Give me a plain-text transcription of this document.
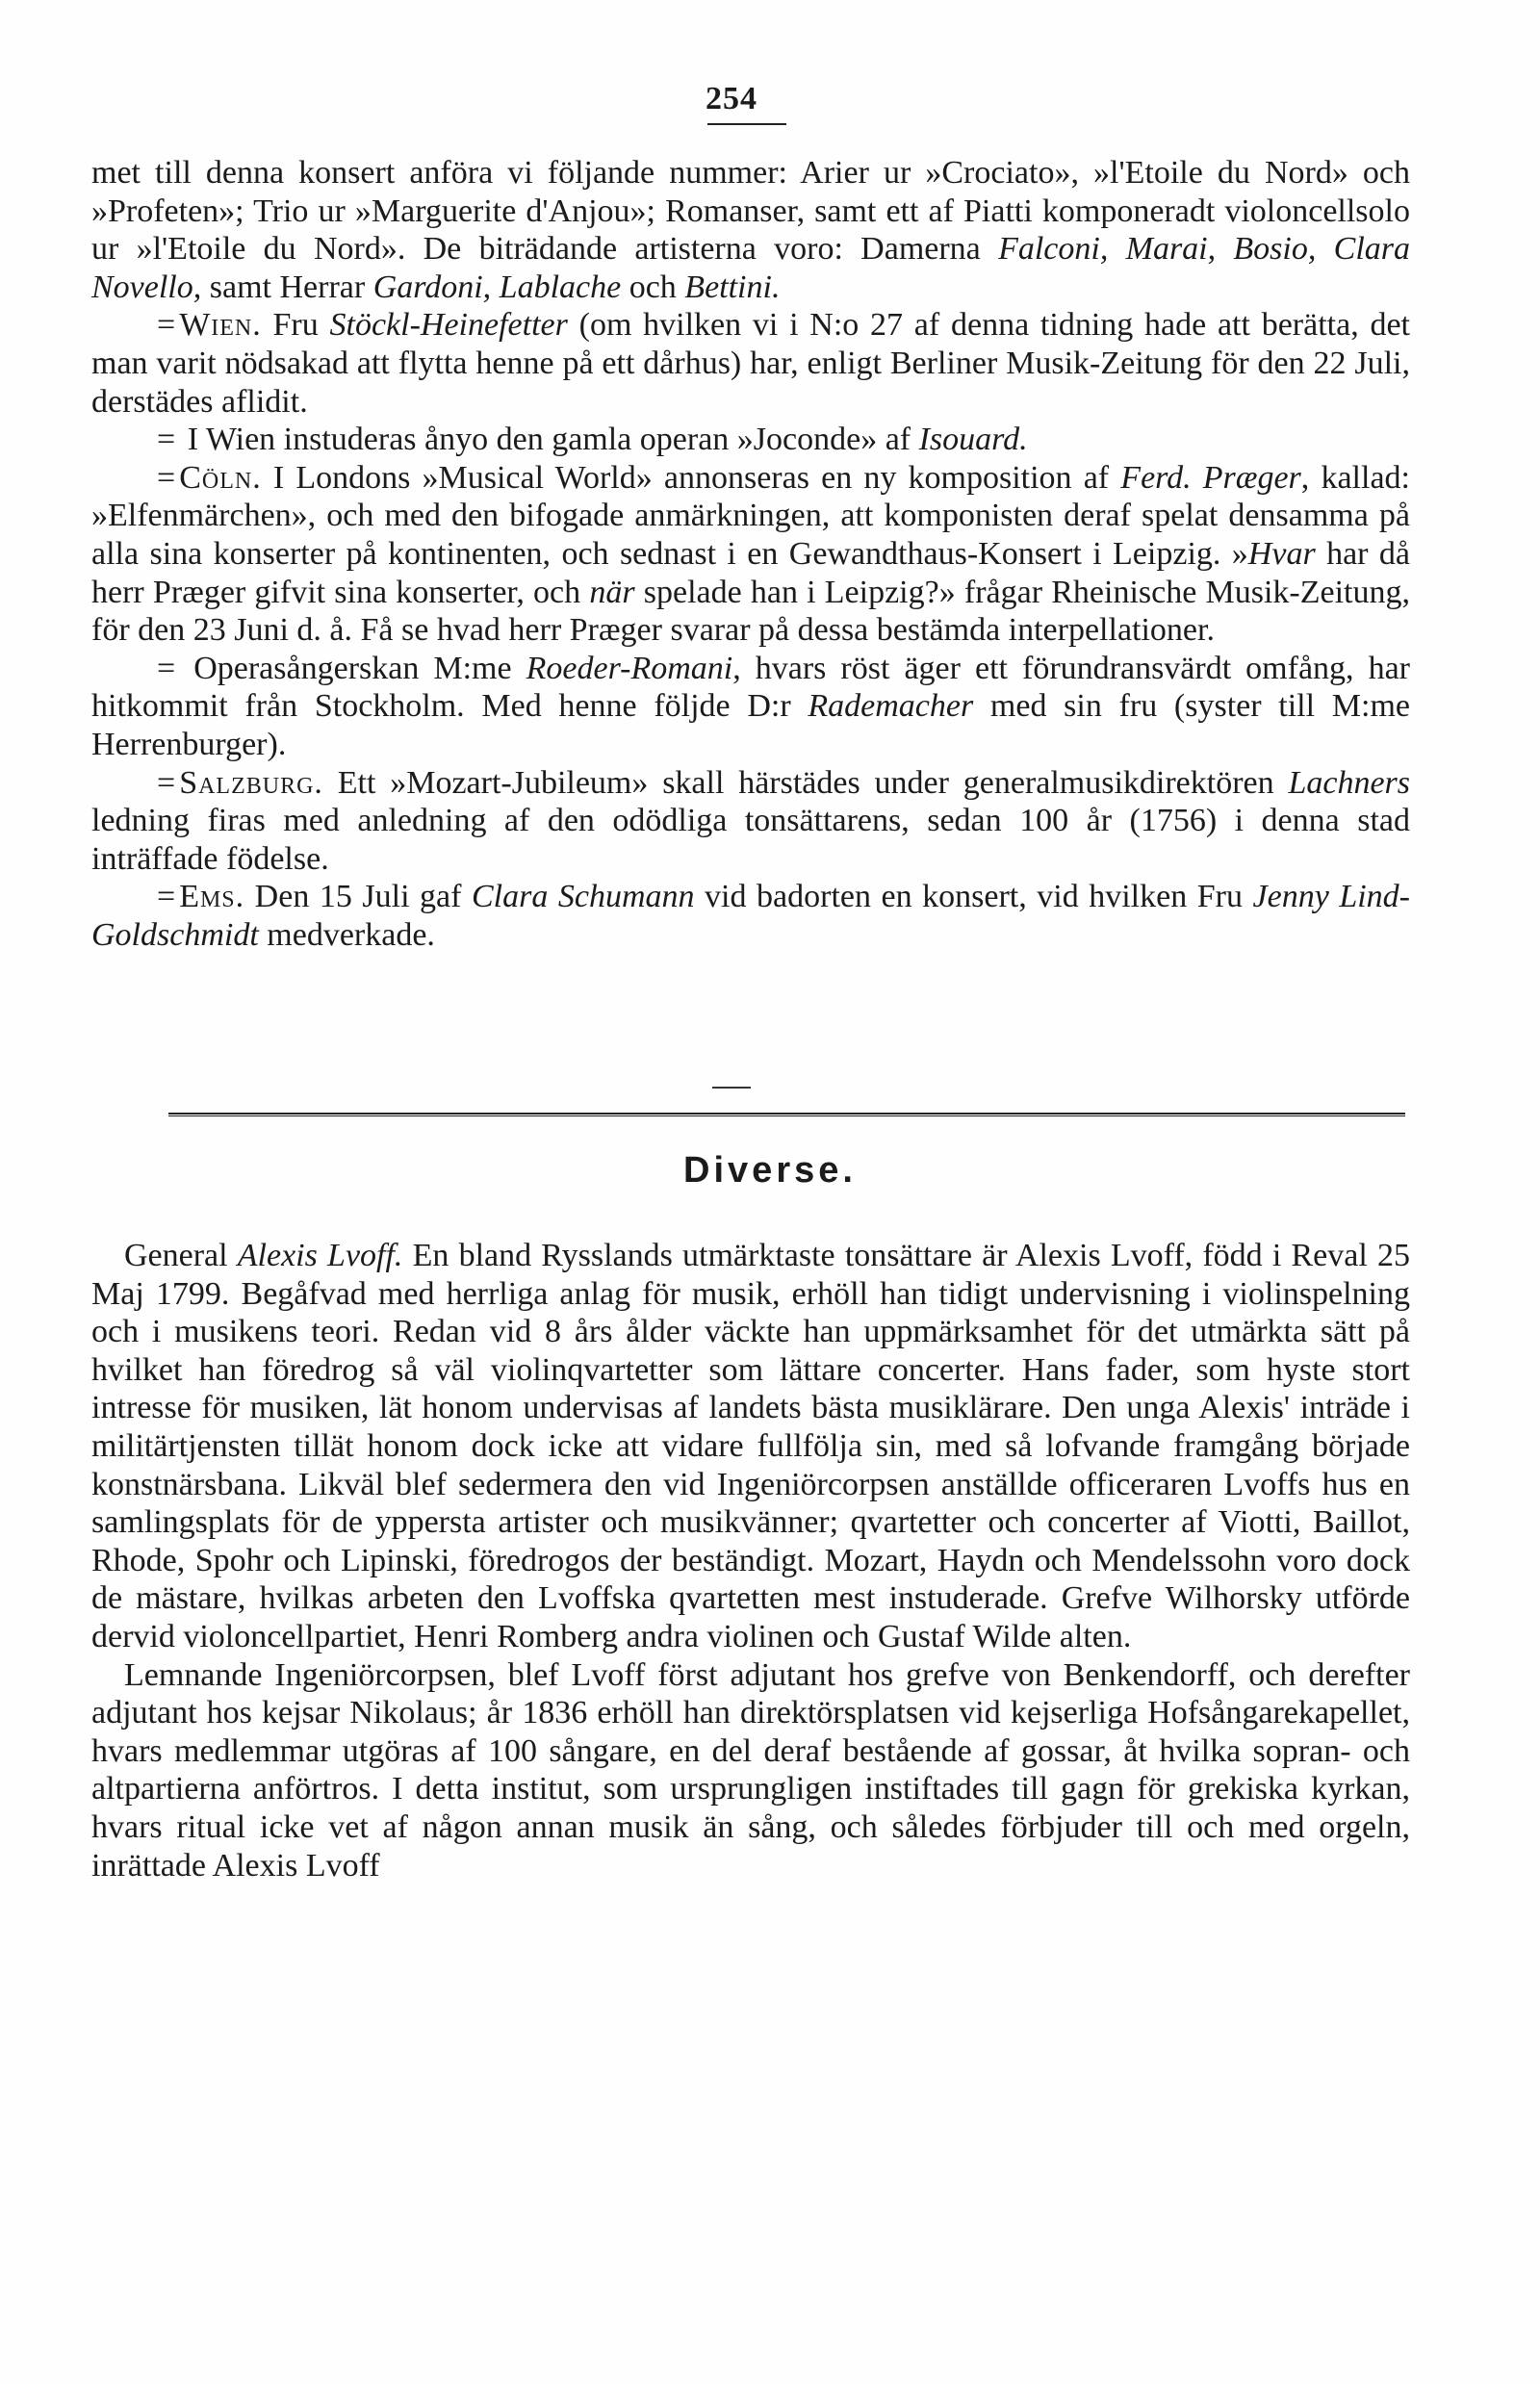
254

met till denna konsert anföra vi följande nummer: Arier ur »Crociato», »l'Etoile du Nord» och »Profeten»; Trio ur »Marguerite d'Anjou»; Romanser, samt ett af Piatti komponeradt violoncellsolo ur »l'Etoile du Nord». De biträdande artisterna voro: Damerna Falconi, Marai, Bosio, Clara Novello, samt Herrar Gardoni, Lablache och Bettini.

= Wien. Fru Stöckl-Heinefetter (om hvilken vi i N:o 27 af denna tidning hade att berätta, det man varit nödsakad att flytta henne på ett dårhus) har, enligt Berliner Musik-Zeitung för den 22 Juli, derstädes aflidit.

= I Wien instuderas ånyo den gamla operan »Joconde» af Isouard.

= Cöln. I Londons »Musical World» annonseras en ny komposition af Ferd. Præger, kallad: »Elfenmärchen», och med den bifogade anmärkningen, att komponisten deraf spelat densamma på alla sina konserter på kontinenten, och sednast i en Gewandthaus-Konsert i Leipzig. »Hvar har då herr Præger gifvit sina konserter, och när spelade han i Leipzig?» frågar Rheinische Musik-Zeitung, för den 23 Juni d. å. Få se hvad herr Præger svarar på dessa bestämda interpellationer.

= Operasångerskan M:me Roeder-Romani, hvars röst äger ett förundransvärdt omfång, har hitkommit från Stockholm. Med henne följde D:r Rademacher med sin fru (syster till M:me Herrenburger).

= Salzburg. Ett »Mozart-Jubileum» skall härstädes under generalmusikdirektören Lachners ledning firas med anledning af den odödliga tonsättarens, sedan 100 år (1756) i denna stad inträffade födelse.

= Ems. Den 15 Juli gaf Clara Schumann vid badorten en konsert, vid hvilken Fru Jenny Lind-Goldschmidt medverkade.

Diverse.

General Alexis Lvoff. En bland Rysslands utmärktaste tonsättare är Alexis Lvoff, född i Reval 25 Maj 1799. Begåfvad med herrliga anlag för musik, erhöll han tidigt undervisning i violinspelning och i musikens teori. Redan vid 8 års ålder väckte han uppmärksamhet för det utmärkta sätt på hvilket han föredrog så väl violinqvartetter som lättare concerter. Hans fader, som hyste stort intresse för musiken, lät honom undervisas af landets bästa musiklärare. Den unga Alexis' inträde i militärtjensten tillät honom dock icke att vidare fullfölja sin, med så lofvande framgång började konstnärsbana. Likväl blef sedermera den vid Ingeniörcorpsen anställde officeraren Lvoffs hus en samlingsplats för de yppersta artister och musikvänner; qvartetter och concerter af Viotti, Baillot, Rhode, Spohr och Lipinski, föredrogos der beständigt. Mozart, Haydn och Mendelssohn voro dock de mästare, hvilkas arbeten den Lvoffska qvartetten mest instuderade. Grefve Wilhorsky utförde dervid violoncellpartiet, Henri Romberg andra violinen och Gustaf Wilde alten.

Lemnande Ingeniörcorpsen, blef Lvoff först adjutant hos grefve von Benkendorff, och derefter adjutant hos kejsar Nikolaus; år 1836 erhöll han direktörsplatsen vid kejserliga Hofsångarekapellet, hvars medlemmar utgöras af 100 sångare, en del deraf bestående af gossar, åt hvilka sopran- och altpartierna anförtros. I detta institut, som ursprungligen instiftades till gagn för grekiska kyrkan, hvars ritual icke vet af någon annan musik än sång, och således förbjuder till och med orgeln, inrättade Alexis Lvoff
